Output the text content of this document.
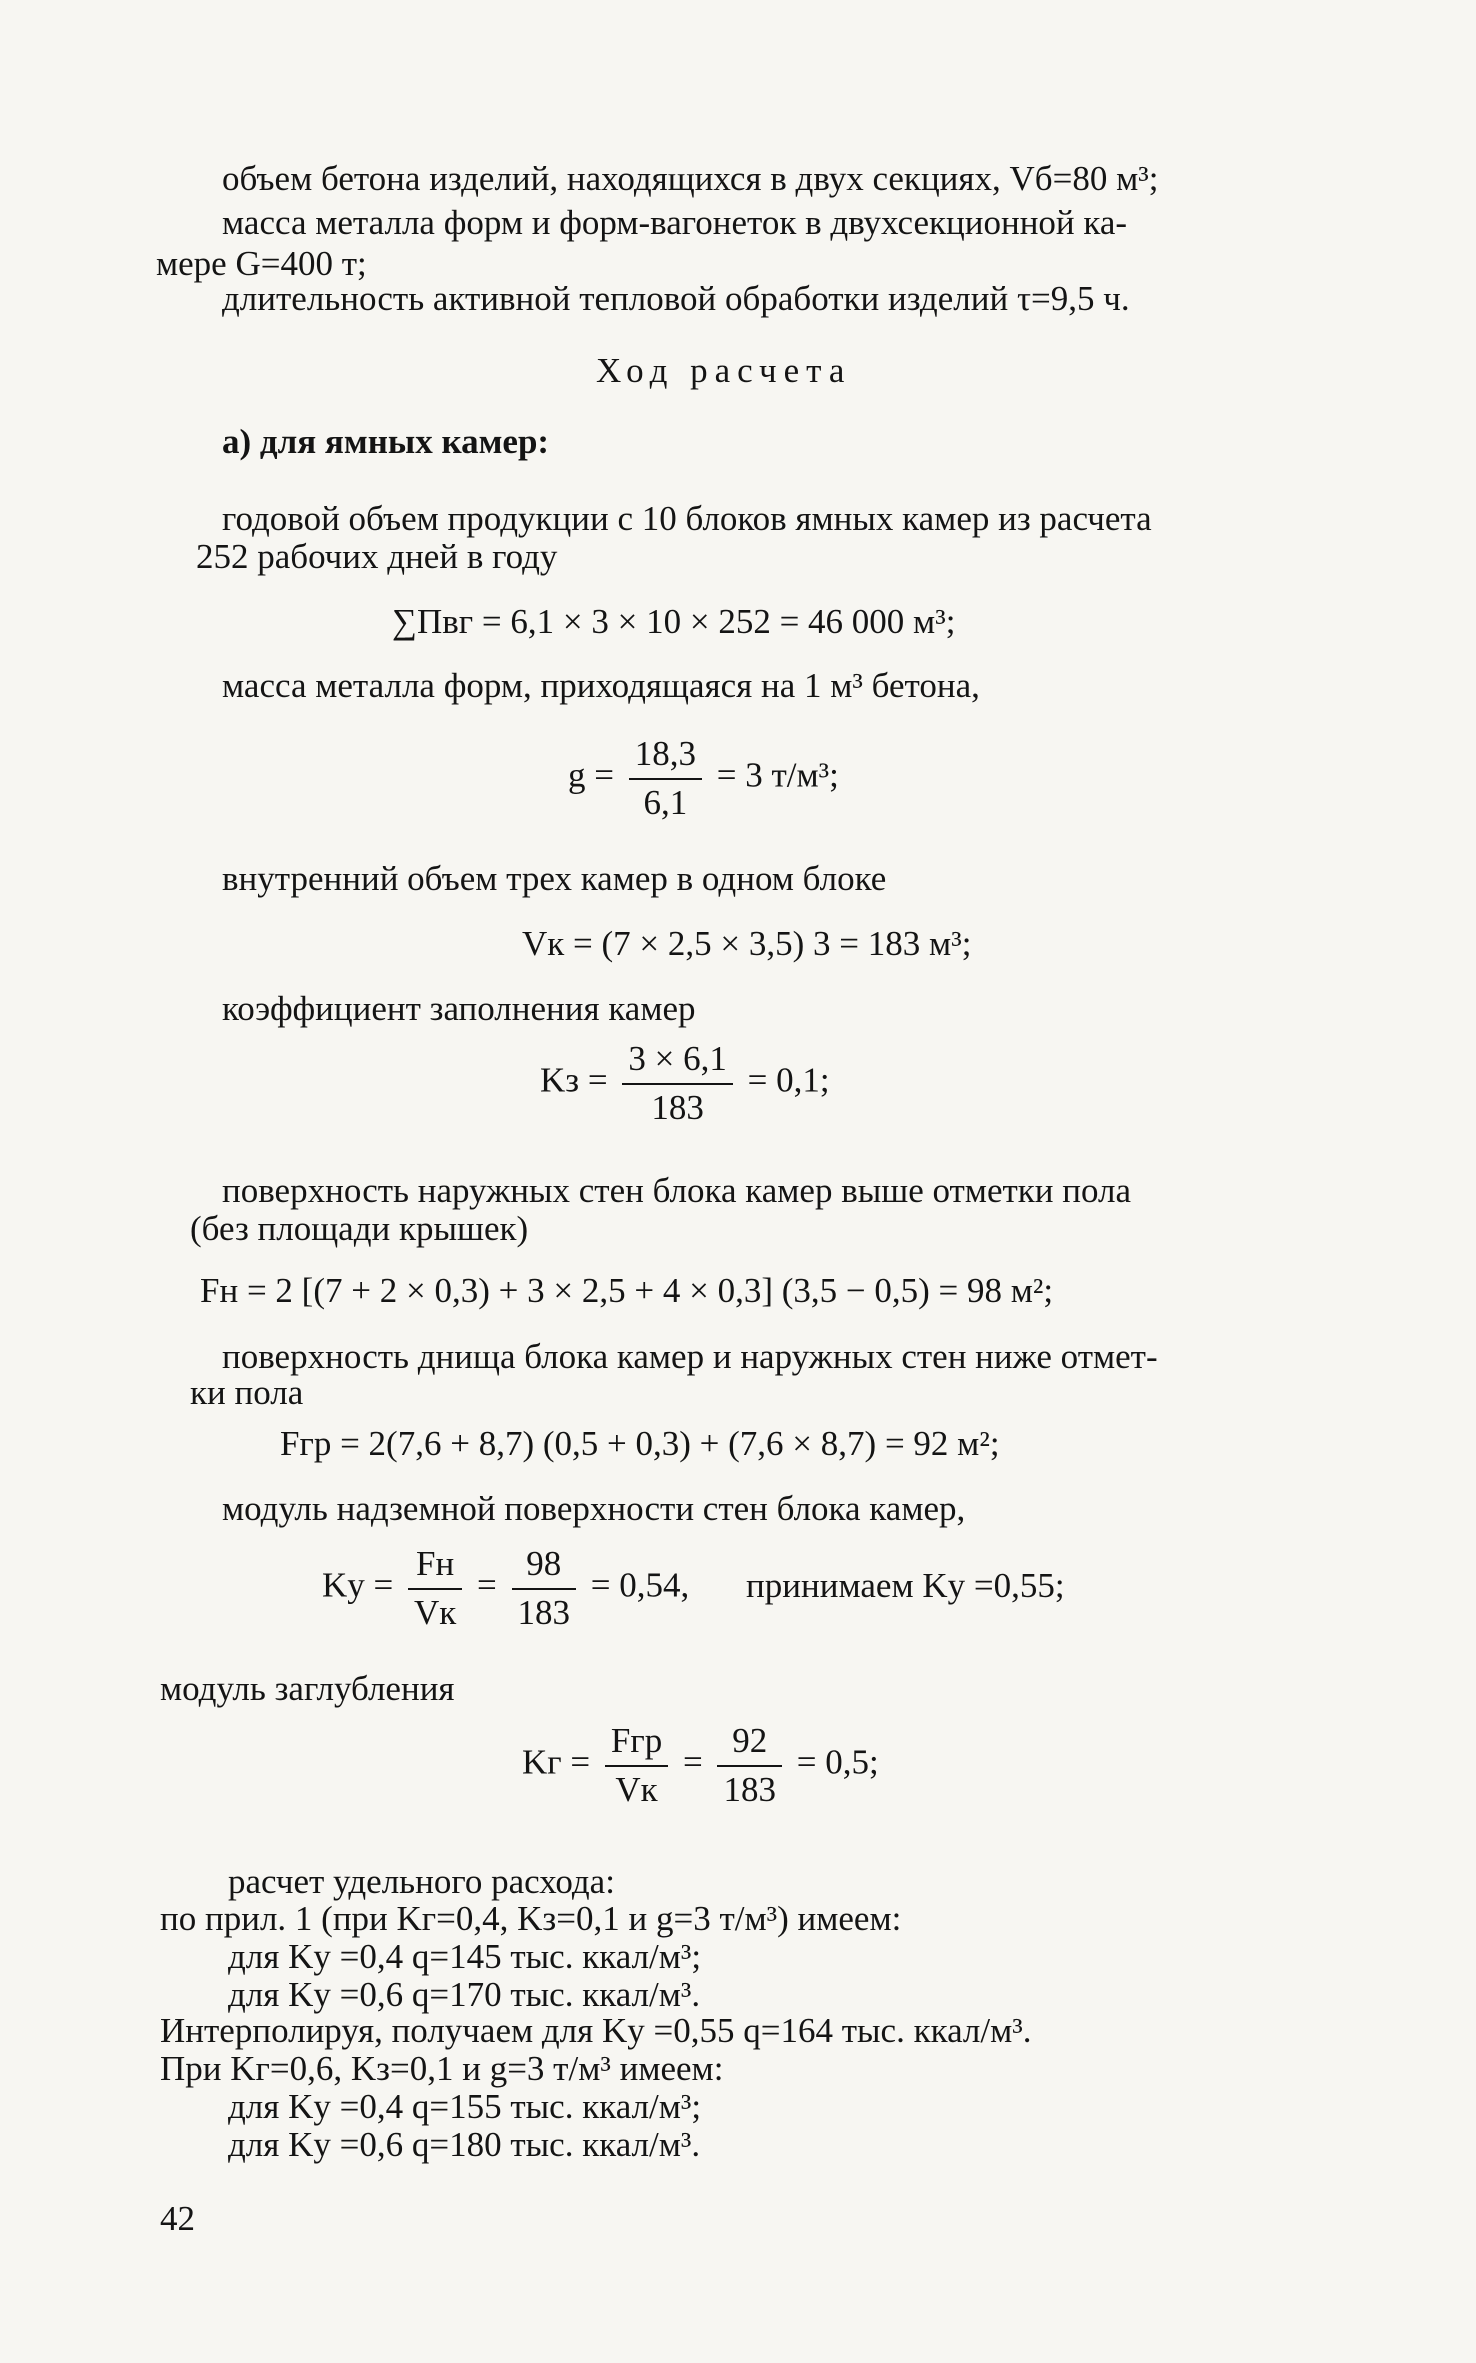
объем бетона изделий, находящихся в двух секциях, Vб=80 м³;
масса металла форм и форм-вагонеток в двухсекционной ка-
мере G=400 т;
длительность активной тепловой обработки изделий τ=9,5 ч.
Ход расчета
а) для ямных камер:
годовой объем продукции с 10 блоков ямных камер из расчета
252 рабочих дней в году
∑Пвг = 6,1 × 3 × 10 × 252 = 46 000 м³;
масса металла форм, приходящаяся на 1 м³ бетона,
$g = \frac{18,3}{6,1} = 3$ т/м³;
внутренний объем трех камер в одном блоке
Vк = (7 × 2,5 × 3,5) 3 = 183 м³;
коэффициент заполнения камер
Kз = $\frac{3 \times 6,1}{183} = 0,1$;
поверхность наружных стен блока камер выше отметки пола
(без площади крышек)
Fн = 2 [(7 + 2 × 0,3) + 3 × 2,5 + 4 × 0,3] (3,5 − 0,5) = 98 м²;
поверхность днища блока камер и наружных стен ниже отмет-
ки пола
Fгр = 2(7,6 + 8,7) (0,5 + 0,3) + (7,6 × 8,7) = 92 м²;
модуль надземной поверхности стен блока камер,
Kу = $\frac{Fн}{Vк} = \frac{98}{183} = 0,54$, принимаем Kу =0,55;
модуль заглубления
Kг = $\frac{\text{Fгр}}{Vк} = \frac{92}{183} = 0,5$;
расчет удельного расхода:
по прил. 1 (при Kг=0,4, Kз=0,1 и g=3 т/м³) имеем:
для Kу =0,4 q=145 тыс. ккал/м³;
для Kу =0,6 q=170 тыс. ккал/м³.
Интерполируя, получаем для Kу =0,55 q=164 тыс. ккал/м³.
При Kг=0,6, Kз=0,1 и g=3 т/м³ имеем:
для Kу =0,4 q=155 тыс. ккал/м³;
для Kу =0,6 q=180 тыс. ккал/м³.
42
